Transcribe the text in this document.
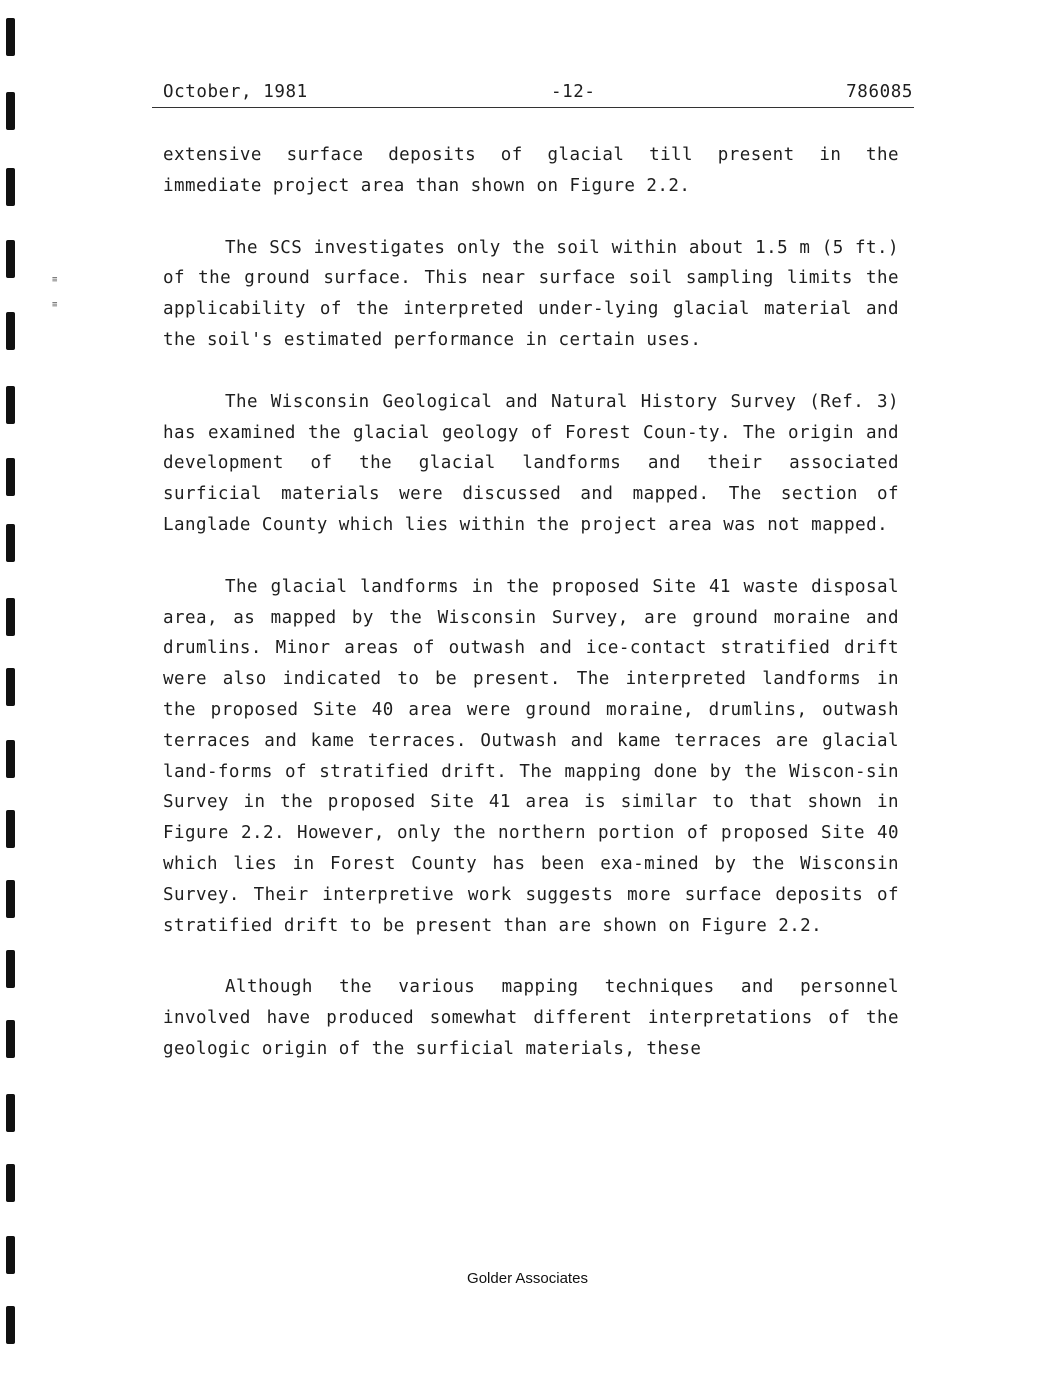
≡
≡
October, 1981	-12-	786085

extensive surface deposits of glacial till present in the immediate project area than shown on Figure 2.2.

The SCS investigates only the soil within about 1.5 m (5 ft.) of the ground surface. This near surface soil sampling limits the applicability of the interpreted under-lying glacial material and the soil's estimated performance in certain uses.

The Wisconsin Geological and Natural History Survey (Ref. 3) has examined the glacial geology of Forest Coun-ty. The origin and development of the glacial landforms and their associated surficial materials were discussed and mapped. The section of Langlade County which lies within the project area was not mapped.

The glacial landforms in the proposed Site 41 waste disposal area, as mapped by the Wisconsin Survey, are ground moraine and drumlins. Minor areas of outwash and ice-contact stratified drift were also indicated to be present. The interpreted landforms in the proposed Site 40 area were ground moraine, drumlins, outwash terraces and kame terraces. Outwash and kame terraces are glacial land-forms of stratified drift. The mapping done by the Wiscon-sin Survey in the proposed Site 41 area is similar to that shown in Figure 2.2. However, only the northern portion of proposed Site 40 which lies in Forest County has been exa-mined by the Wisconsin Survey. Their interpretive work suggests more surface deposits of stratified drift to be present than are shown on Figure 2.2.

Although the various mapping techniques and personnel involved have produced somewhat different interpretations of the geologic origin of the surficial materials, these

Golder Associates
